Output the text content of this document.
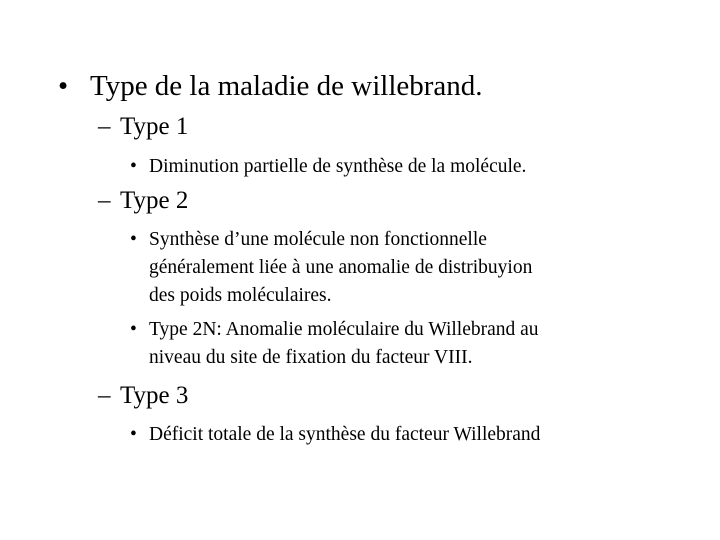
• Type de la maladie de willebrand.
– Type 1
• Diminution partielle de synthèse de la molécule.
– Type 2
• Synthèse d’une molécule non fonctionnelle
généralement liée à une anomalie de distribuyion
des poids moléculaires.
• Type 2N: Anomalie moléculaire du Willebrand au
niveau du site de fixation du facteur VIII.
– Type 3
• Déficit totale de la synthèse du facteur Willebrand
